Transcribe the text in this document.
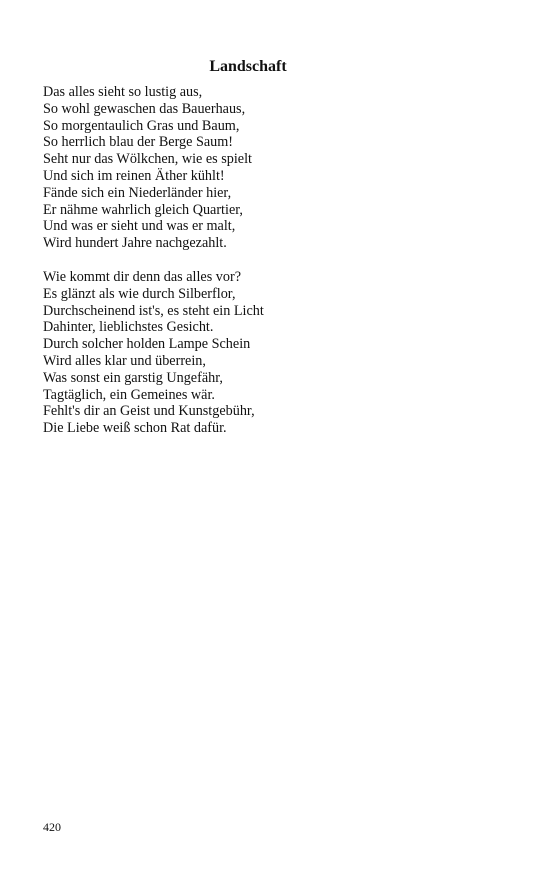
Landschaft
Das alles sieht so lustig aus,
So wohl gewaschen das Bauerhaus,
So morgentaulich Gras und Baum,
So herrlich blau der Berge Saum!
Seht nur das Wölkchen, wie es spielt
Und sich im reinen Äther kühlt!
Fände sich ein Niederländer hier,
Er nähme wahrlich gleich Quartier,
Und was er sieht und was er malt,
Wird hundert Jahre nachgezahlt.
Wie kommt dir denn das alles vor?
Es glänzt als wie durch Silberflor,
Durchscheinend ist's, es steht ein Licht
Dahinter, lieblichstes Gesicht.
Durch solcher holden Lampe Schein
Wird alles klar und überrein,
Was sonst ein garstig Ungefähr,
Tagtäglich, ein Gemeines wär.
Fehlt's dir an Geist und Kunstgebühr,
Die Liebe weiß schon Rat dafür.
420
